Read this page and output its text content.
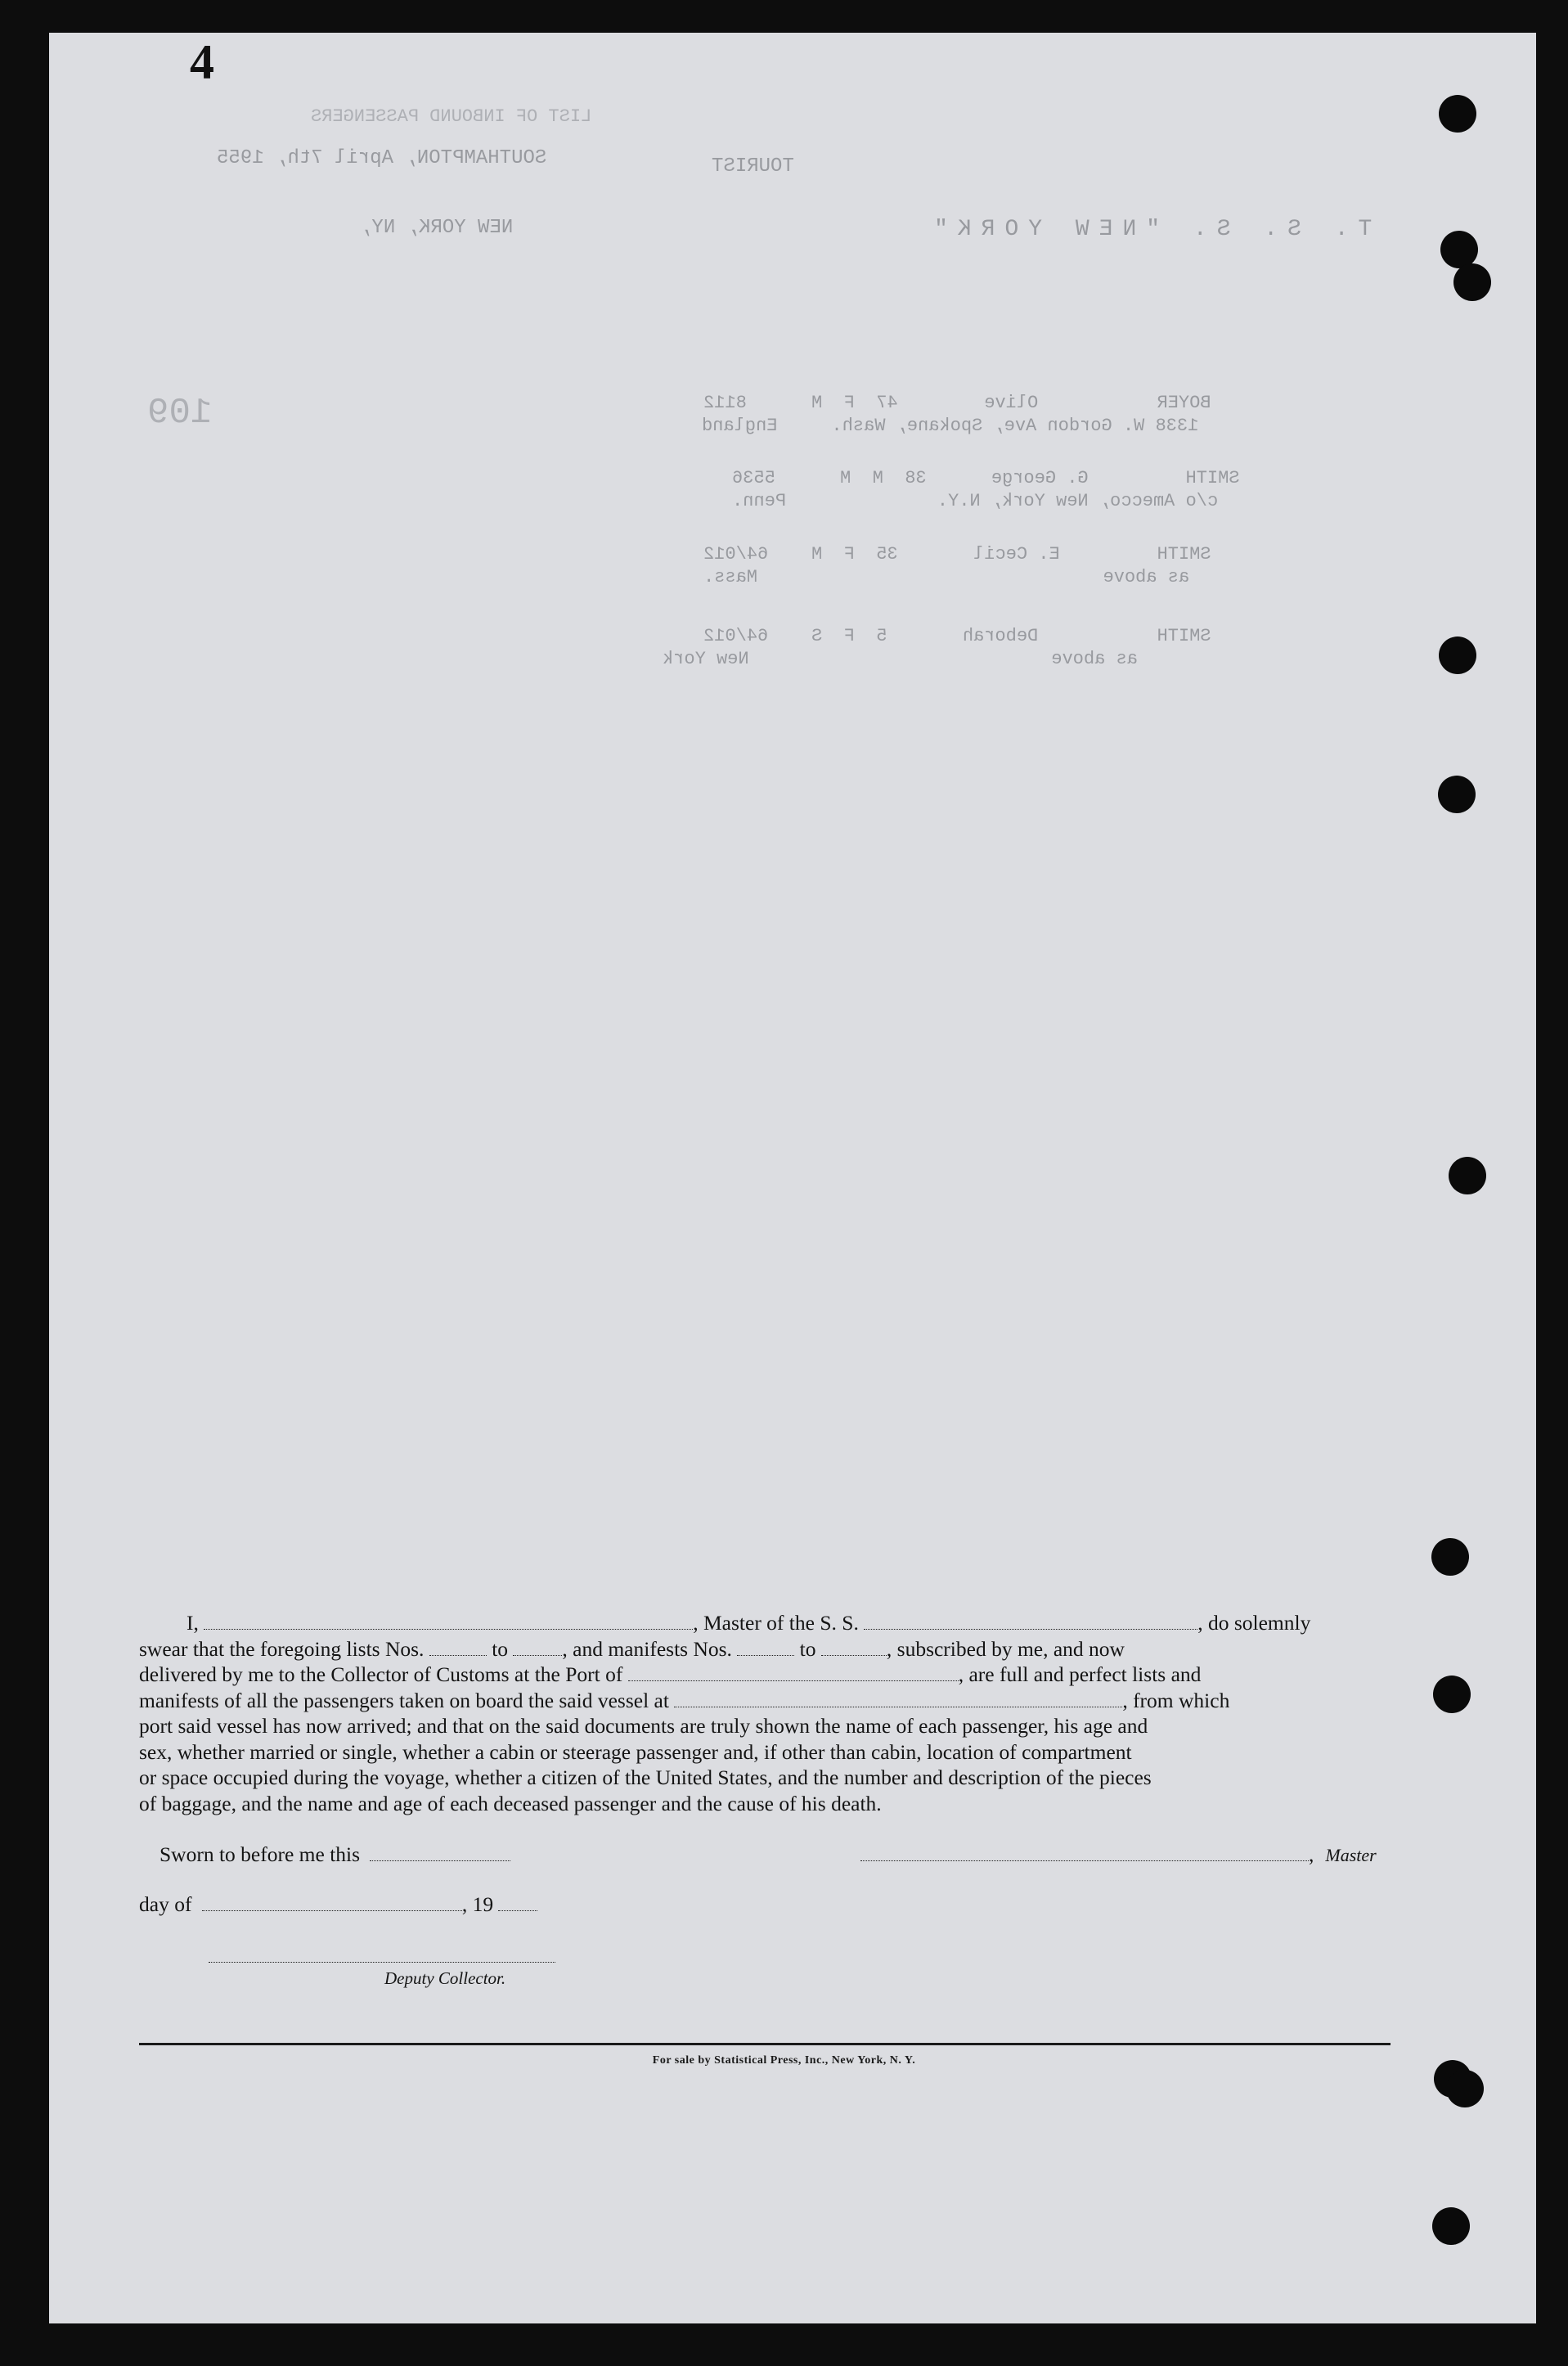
4
LIST OF INBOUND PASSENGERS
TOURIST
SOUTHAMPTON, April 7th, 1955
T. S. S. "NEW YORK"
NEW YORK, NY,
109	BOYER           Olive        47  F  M      8112
1338 W. Gordon Ave, Spokane, Wash.     England
SMITH         G. George      38  M  M      5536
c/o Amecco, New York, N.Y.              Penn.
SMITH         E. Cecil       35  F  M    64/012
as above                                Mass.
SMITH           Deborah       5  F  S    64/012
as above                            New York
I,	, Master of the S. S.	, do solemnly
swear that the foregoing lists Nos.	to	, and manifests Nos.	to	, subscribed by me, and now
delivered by me to the Collector of Customs at the Port of	, are full and perfect lists and
manifests of all the passengers taken on board the said vessel at	, from which
port said vessel has now arrived; and that on the said documents are truly shown the name of each passenger, his age and
sex, whether married or single, whether a cabin or steerage passenger and, if other than cabin, location of compartment
or space occupied during the voyage, whether a citizen of the United States, and the number and description of the pieces
of baggage, and the name and age of each deceased passenger and the cause of his death.
Sworn to before me this	, Master
day of	, 19
Deputy Collector.
For sale by Statistical Press, Inc., New York, N. Y.
